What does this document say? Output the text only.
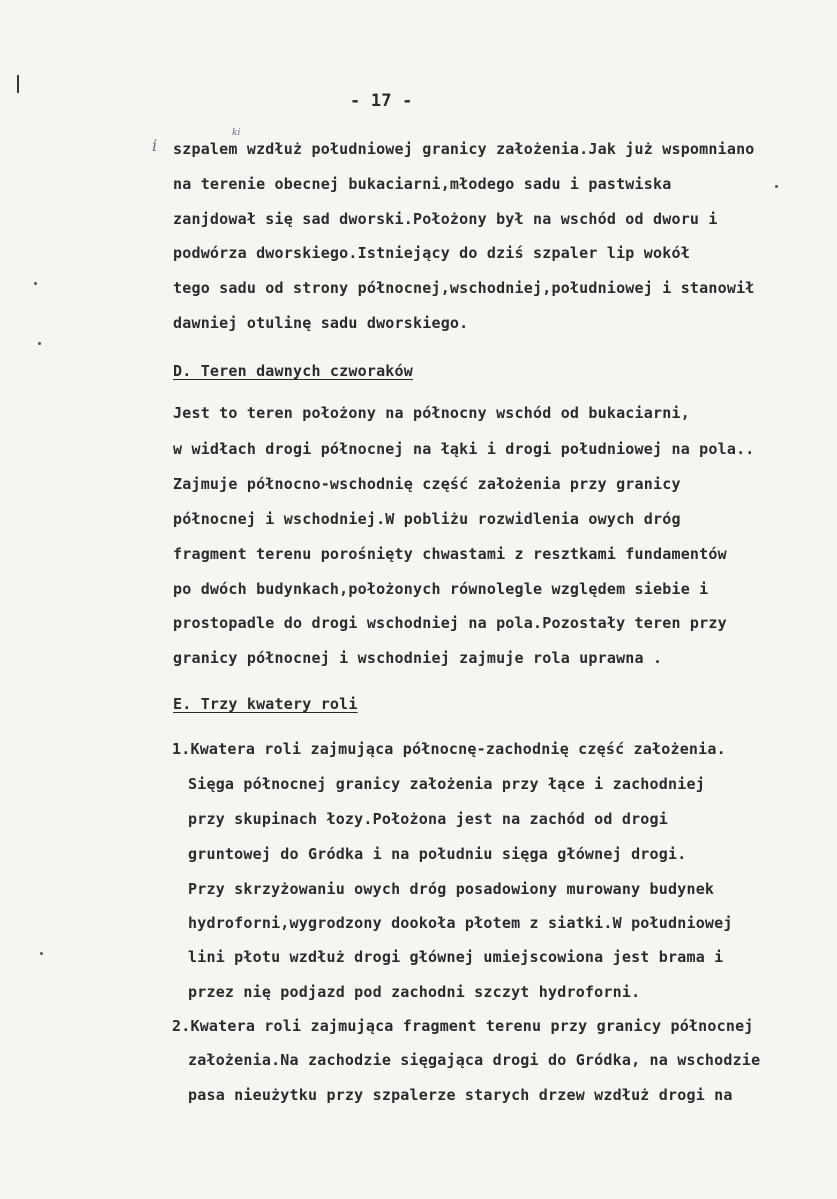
- 17 -
i
ki
szpalem wzdłuż południowej granicy założenia.Jak już wspomniano
na terenie obecnej bukaciarni,młodego sadu i pastwiska
zanjdował się sad dworski.Położony był na wschód od dworu i
podwórza dworskiego.Istniejący do dziś szpaler lip wokół
tego sadu od strony północnej,wschodniej,południowej i stanowił
dawniej otulinę sadu dworskiego.
D. Teren dawnych czworaków
Jest to teren położony na północny wschód od bukaciarni,
w widłach drogi północnej na łąki i drogi południowej na pola..
Zajmuje północno-wschodnię część założenia przy granicy
północnej i wschodniej.W pobliżu rozwidlenia owych dróg
fragment terenu porośnięty chwastami z resztkami fundamentów
po dwóch budynkach,położonych równolegle względem siebie i
prostopadle do drogi wschodniej na pola.Pozostały teren przy
granicy północnej i wschodniej zajmuje rola uprawna .
E. Trzy kwatery roli
1.Kwatera roli zajmująca północnę-zachodnię część założenia.
Sięga północnej granicy założenia przy łące i zachodniej
przy skupinach łozy.Położona jest na zachód od drogi
gruntowej do Gródka i na południu sięga głównej drogi.
Przy skrzyżowaniu owych dróg posadowiony murowany budynek
hydroforni,wygrodzony dookoła płotem z siatki.W południowej
lini płotu wzdłuż drogi głównej umiejscowiona jest brama i
przez nię podjazd pod zachodni szczyt hydroforni.
2.Kwatera roli zajmująca fragment terenu przy granicy północnej
założenia.Na zachodzie sięgająca drogi do Gródka, na wschodzie
pasa nieużytku przy szpalerze starych drzew wzdłuż drogi na
